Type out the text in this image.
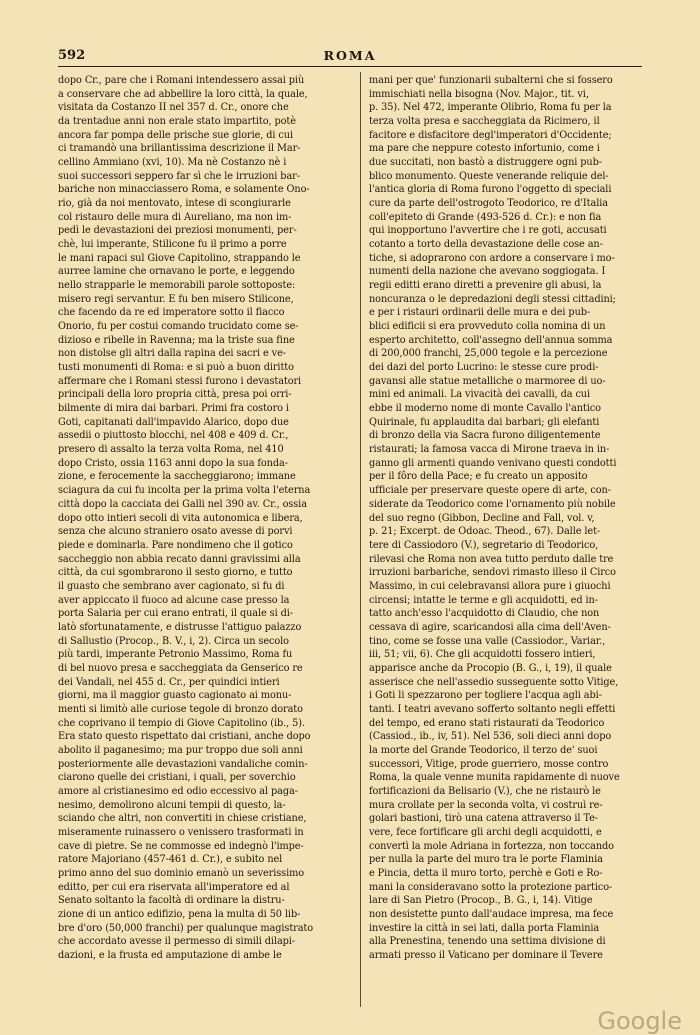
592	ROMA
dopo Cr., pare che i Romani intendessero assai più
a conservare che ad abbellire la loro città, la quale,
visitata da Costanzo II nel 357 d. Cr., onore che
da trentadue anni non erale stato impartito, potè
ancora far pompa delle prische sue glorie, di cui
ci tramandò una brillantissima descrizione il Mar-
cellino Ammiano (xvi, 10). Ma nè Costanzo nè i
suoi successori seppero far sì che le irruzioni bar-
bariche non minacciassero Roma, e solamente Ono-
rio, già da noi mentovato, intese di scongiurarle
col ristauro delle mura di Aureliano, ma non im-
pedì le devastazioni dei preziosi monumenti, per-
chè, lui imperante, Stilicone fu il primo a porre
le mani rapaci sul Giove Capitolino, strappando le
aurree lamine che ornavano le porte, e leggendo
nello strapparle le memorabili parole sottoposte:
misero regi servantur. E fu ben misero Stilicone,
che facendo da re ed imperatore sotto il fiacco
Onorio, fu per costui comando trucidato come se-
dizioso e ribelle in Ravenna; ma la triste sua fine
non distolse gli altri dalla rapina dei sacri e ve-
tusti monumenti di Roma: e si può a buon diritto
affermare che i Romani stessi furono i devastatori
principali della loro propria città, presa poi orri-
bilmente di mira dai barbari. Primi fra costoro i
Goti, capitanati dall'impavido Alarico, dopo due
assedii o piuttosto blocchi, nel 408 e 409 d. Cr.,
presero di assalto la terza volta Roma, nel 410
dopo Cristo, ossia 1163 anni dopo la sua fonda-
zione, e ferocemente la saccheggiarono; immane
sciagura da cui fu incolta per la prima volta l'eterna
città dopo la cacciata dei Galli nel 390 av. Cr., ossia
dopo otto intieri secoli di vita autonomica e libera,
senza che alcuno straniero osato avesse di porvi
piede e dominarla. Pare nondimeno che il gotico
saccheggio non abbia recato danni gravissimi alla
città, da cui sgombrarono il sesto giorno, e tutto
il guasto che sembrano aver cagionato, si fu di
aver appiccato il fuoco ad alcune case presso la
porta Salaria per cui erano entrati, il quale si di-
latò sfortunatamente, e distrusse l'attiguo palazzo
di Sallustio (Procop., B. V., i, 2). Circa un secolo
più tardi, imperante Petronio Massimo, Roma fu
di bel nuovo presa e saccheggiata da Genserico re
dei Vandali, nel 455 d. Cr., per quindici intieri
giorni, ma il maggior guasto cagionato ai monu-
menti si limitò alle curiose tegole di bronzo dorato
che coprivano il tempio di Giove Capitolino (ib., 5).
Era stato questo rispettato dai cristiani, anche dopo
abolito il paganesimo; ma pur troppo due soli anni
posteriormente alle devastazioni vandaliche comin-
ciarono quelle dei cristiani, i quali, per soverchio
amore al cristianesimo ed odio eccessivo al paga-
nesimo, demolirono alcuni tempii di questo, la-
sciando che altri, non convertiti in chiese cristiane,
miseramente ruinassero o venissero trasformati in
cave di pietre. Se ne commosse ed indegnò l'impe-
ratore Majoriano (457-461 d. Cr.), e subito nel
primo anno del suo dominio emanò un severissimo
editto, per cui era riservata all'imperatore ed al
Senato soltanto la facoltà di ordinare la distru-
zione di un antico edifizio, pena la multa di 50 lib-
bre d'oro (50,000 franchi) per qualunque magistrato
che accordato avesse il permesso di simili dilapi-
dazioni, e la frusta ed amputazione di ambe le
mani per que' funzionarii subalterni che si fossero
immischiati nella bisogna (Nov. Major., tit. vi,
p. 35). Nel 472, imperante Olibrio, Roma fu per la
terza volta presa e saccheggiata da Ricimero, il
facitore e disfacitore degl'imperatori d'Occidente;
ma pare che neppure cotesto infortunio, come i
due succitati, non bastò a distruggere ogni pub-
blico monumento. Queste venerande reliquie del-
l'antica gloria di Roma furono l'oggetto di speciali
cure da parte dell'ostrogoto Teodorico, re d'Italia
coll'epiteto di Grande (493-526 d. Cr.): e non fia
qui inopportuno l'avvertire che i re goti, accusati
cotanto a torto della devastazione delle cose an-
tiche, si adoprarono con ardore a conservare i mo-
numenti della nazione che avevano soggiogata. I
regii editti erano diretti a prevenire gli abusi, la
noncuranza o le depredazioni degli stessi cittadini;
e per i ristauri ordinarii delle mura e dei pub-
blici edificii si era provveduto colla nomina di un
esperto architetto, coll'assegno dell'annua somma
di 200,000 franchi, 25,000 tegole e la percezione
dei dazi del porto Lucrino: le stesse cure prodi-
gavansi alle statue metalliche o marmoree di uo-
mini ed animali. La vivacità dei cavalli, da cui
ebbe il moderno nome di monte Cavallo l'antico
Quirinale, fu applaudita dai barbari; gli elefanti
di bronzo della via Sacra furono diligentemente
ristaurati; la famosa vacca di Mirone traeva in in-
ganno gli armenti quando venivano questi condotti
per il fôro della Pace; e fu creato un apposito
ufficiale per preservare queste opere di arte, con-
siderate da Teodorico come l'ornamento più nobile
del suo regno (Gibbon, Decline and Fall, vol. v,
p. 21; Excerpt. de Odoac. Theod., 67). Dalle let-
tere di Cassiodoro (V.), segretario di Teodorico,
rilevasi che Roma non avea tutto perduto dalle tre
irruzioni barbariche, sendovi rimasto illeso il Circo
Massimo, in cui celebravansi allora pure i giuochi
circensi; intatte le terme e gli acquidotti, ed in-
tatto anch'esso l'acquidotto di Claudio, che non
cessava di agire, scaricandosi alla cima dell'Aven-
tino, come se fosse una valle (Cassiodor., Variar.,
iii, 51; vii, 6). Che gli acquidotti fossero intieri,
apparisce anche da Procopio (B. G., i, 19), il quale
asserisce che nell'assedio susseguente sotto Vitige,
i Goti li spezzarono per togliere l'acqua agli abi-
tanti. I teatri avevano sofferto soltanto negli effetti
del tempo, ed erano stati ristaurati da Teodorico
(Cassiod., ib., iv, 51). Nel 536, soli dieci anni dopo
la morte del Grande Teodorico, il terzo de' suoi
successori, Vitige, prode guerriero, mosse contro
Roma, la quale venne munita rapidamente di nuove
fortificazioni da Belisario (V.), che ne ristaurò le
mura crollate per la seconda volta, vi costruì re-
golari bastioni, tirò una catena attraverso il Te-
vere, fece fortificare gli archi degli acquidotti, e
convertì la mole Adriana in fortezza, non toccando
per nulla la parte del muro tra le porte Flaminia
e Pincia, detta il muro torto, perchè e Goti e Ro-
mani la consideravano sotto la protezione partico-
lare di San Pietro (Procop., B. G., i, 14). Vitige
non desistette punto dall'audace impresa, ma fece
investire la città in sei lati, dalla porta Flaminia
alla Prenestina, tenendo una settima divisione di
armati presso il Vaticano per dominare il Tevere
Google
